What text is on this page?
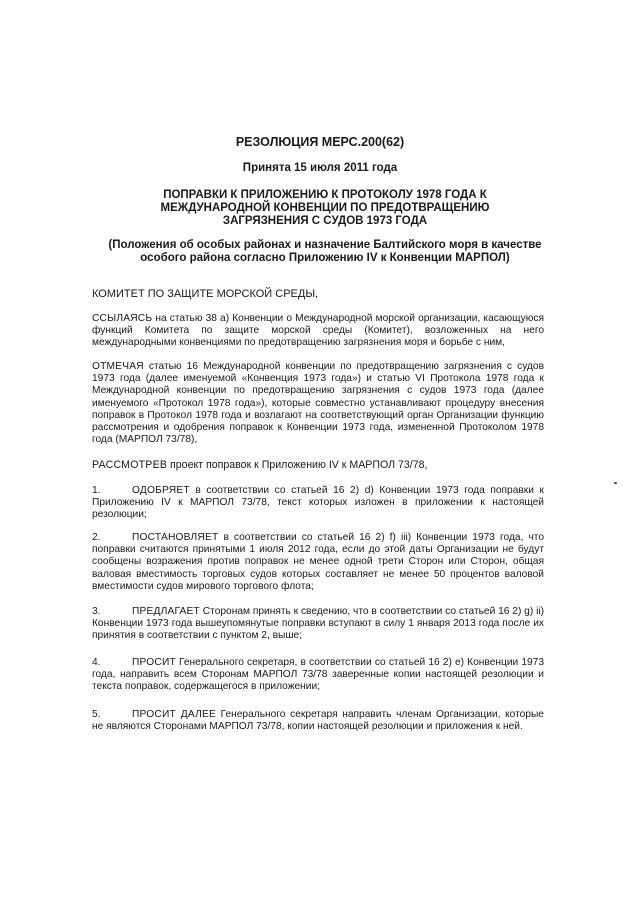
РЕЗОЛЮЦИЯ МЕРС.200(62)
Принята 15 июля 2011 года
ПОПРАВКИ К ПРИЛОЖЕНИЮ К ПРОТОКОЛУ 1978 ГОДА К МЕЖДУНАРОДНОЙ КОНВЕНЦИИ ПО ПРЕДОТВРАЩЕНИЮ ЗАГРЯЗНЕНИЯ С СУДОВ 1973 ГОДА
(Положения об особых районах и назначение Балтийского моря в качестве особого района согласно Приложению IV к Конвенции МАРПОЛ)
КОМИТЕТ ПО ЗАЩИТЕ МОРСКОЙ СРЕДЫ,
ССЫЛАЯСЬ на статью 38 а) Конвенции о Международной морской организации, касающуюся функций Комитета по защите морской среды (Комитет), возложенных на него международными конвенциями по предотвращению загрязнения моря и борьбе с ним,
ОТМЕЧАЯ статью 16 Международной конвенции по предотвращению загрязнения с судов 1973 года (далее именуемой «Конвенция 1973 года») и статью VI Протокола 1978 года к Международной конвенции по предотвращению загрязнения с судов 1973 года (далее именуемого «Протокол 1978 года»), которые совместно устанавливают процедуру внесения поправок в Протокол 1978 года и возлагают на соответствующий орган Организации функцию рассмотрения и одобрения поправок к Конвенции 1973 года, измененной Протоколом 1978 года (МАРПОЛ 73/78),
РАССМОТРЕВ проект поправок к Приложению IV к МАРПОЛ 73/78,
1.	ОДОБРЯЕТ в соответствии со статьей 16 2) d) Конвенции 1973 года поправки к Приложению IV к МАРПОЛ 73/78, текст которых изложен в приложении к настоящей резолюции;
2.	ПОСТАНОВЛЯЕТ в соответствии со статьей 16 2) f) iii) Конвенции 1973 года, что поправки считаются принятыми 1 июля 2012 года, если до этой даты Организации не будут сообщены возражения против поправок не менее одной трети Сторон или Сторон, общая валовая вместимость торговых судов которых составляет не менее 50 процентов валовой вместимости судов мирового торгового флота;
3.	ПРЕДЛАГАЕТ Сторонам принять к сведению, что в соответствии со статьей 16 2) g) ii) Конвенции 1973 года вышеупомянутые поправки вступают в силу 1 января 2013 года после их принятия в соответствии с пунктом 2, выше;
4.	ПРОСИТ Генерального секретаря, в соответствии со статьей 16 2) е) Конвенции 1973 года, направить всем Сторонам МАРПОЛ 73/78 заверенные копии настоящей резолюции и текста поправок, содержащегося в приложении;
5.	ПРОСИТ ДАЛЕЕ Генерального секретаря направить членам Организации, которые не являются Сторонами МАРПОЛ 73/78, копии настоящей резолюции и приложения к ней.
